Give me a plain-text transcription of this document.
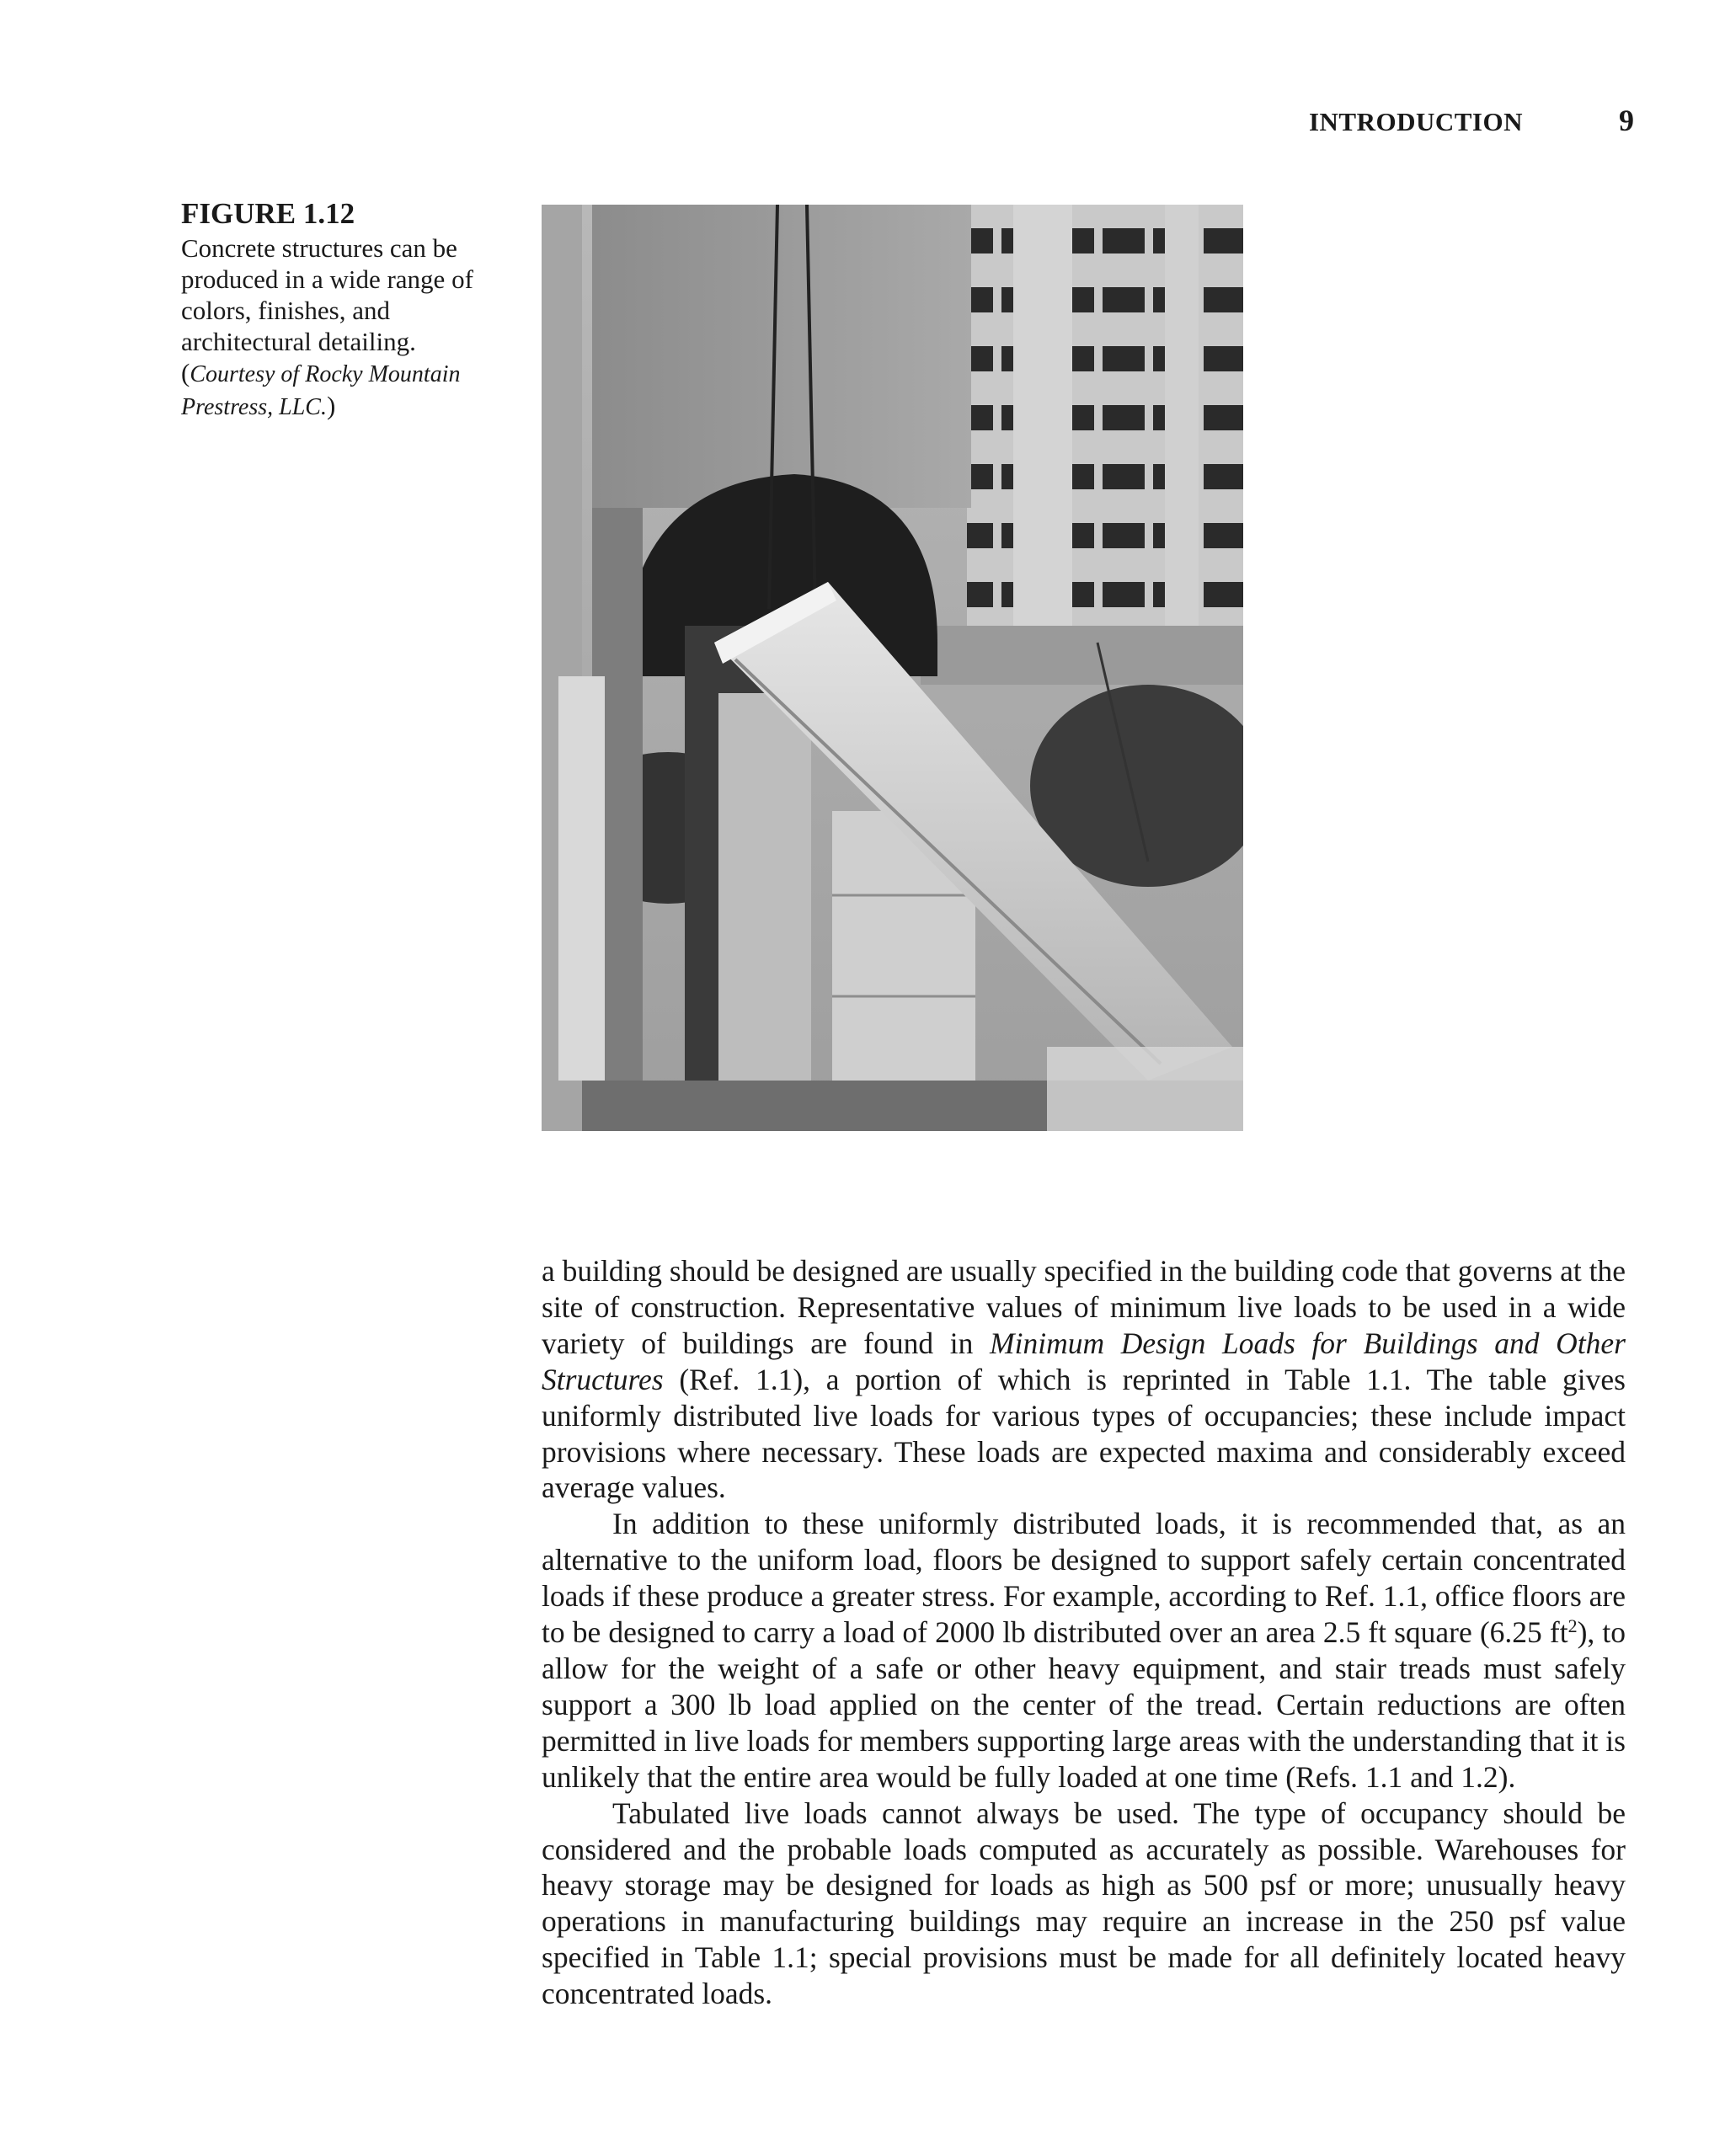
INTRODUCTION	9
FIGURE 1.12
Concrete structures can be produced in a wide range of colors, finishes, and architectural detailing. (Courtesy of Rocky Mountain Prestress, LLC.)

a building should be designed are usually specified in the building code that governs at the site of construction. Representative values of minimum live loads to be used in a wide variety of buildings are found in Minimum Design Loads for Buildings and Other Structures (Ref. 1.1), a portion of which is reprinted in Table 1.1. The table gives uniformly distributed live loads for various types of occupancies; these include impact provisions where necessary. These loads are expected maxima and considerably exceed average values.

In addition to these uniformly distributed loads, it is recommended that, as an alternative to the uniform load, floors be designed to support safely certain concentrated loads if these produce a greater stress. For example, according to Ref. 1.1, office floors are to be designed to carry a load of 2000 lb distributed over an area 2.5 ft square (6.25 $ft^2$), to allow for the weight of a safe or other heavy equipment, and stair treads must safely support a 300 lb load applied on the center of the tread. Certain reductions are often permitted in live loads for members supporting large areas with the understanding that it is unlikely that the entire area would be fully loaded at one time (Refs. 1.1 and 1.2).

Tabulated live loads cannot always be used. The type of occupancy should be considered and the probable loads computed as accurately as possible. Warehouses for heavy storage may be designed for loads as high as 500 psf or more; unusually heavy operations in manufacturing buildings may require an increase in the 250 psf value specified in Table 1.1; special provisions must be made for all definitely located heavy concentrated loads.
